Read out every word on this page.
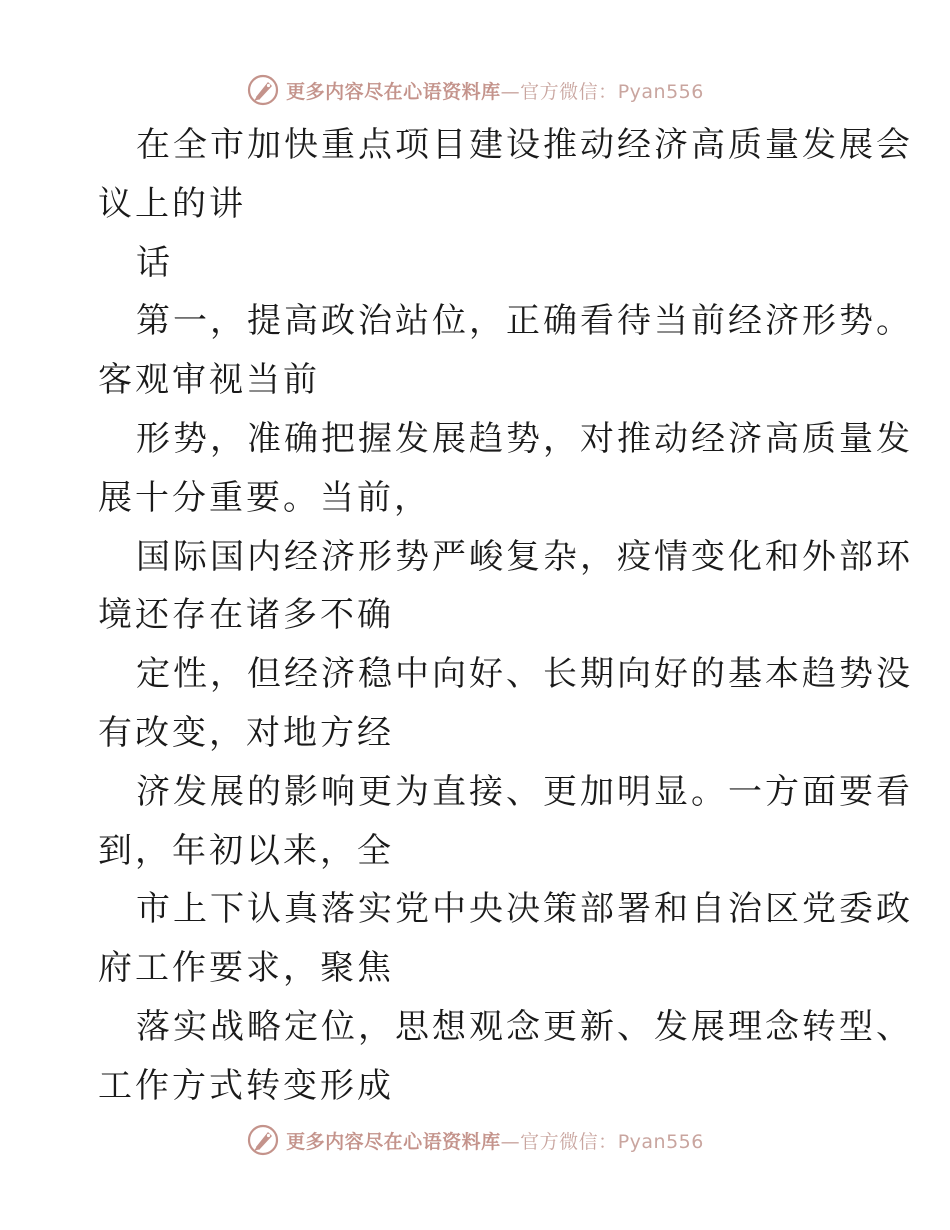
更多内容尽在心语资料库—官方微信：Pyan556
在全市加快重点项目建设推动经济高质量发展会
议上的讲
话
第一，提高政治站位，正确看待当前经济形势。
客观审视当前
形势，准确把握发展趋势，对推动经济高质量发
展十分重要。当前，
国际国内经济形势严峻复杂，疫情变化和外部环
境还存在诸多不确
定性，但经济稳中向好、长期向好的基本趋势没
有改变，对地方经
济发展的影响更为直接、更加明显。一方面要看
到，年初以来，全
市上下认真落实党中央决策部署和自治区党委政
府工作要求，聚焦
落实战略定位，思想观念更新、发展理念转型、
工作方式转变形成
更多内容尽在心语资料库—官方微信：Pyan556
